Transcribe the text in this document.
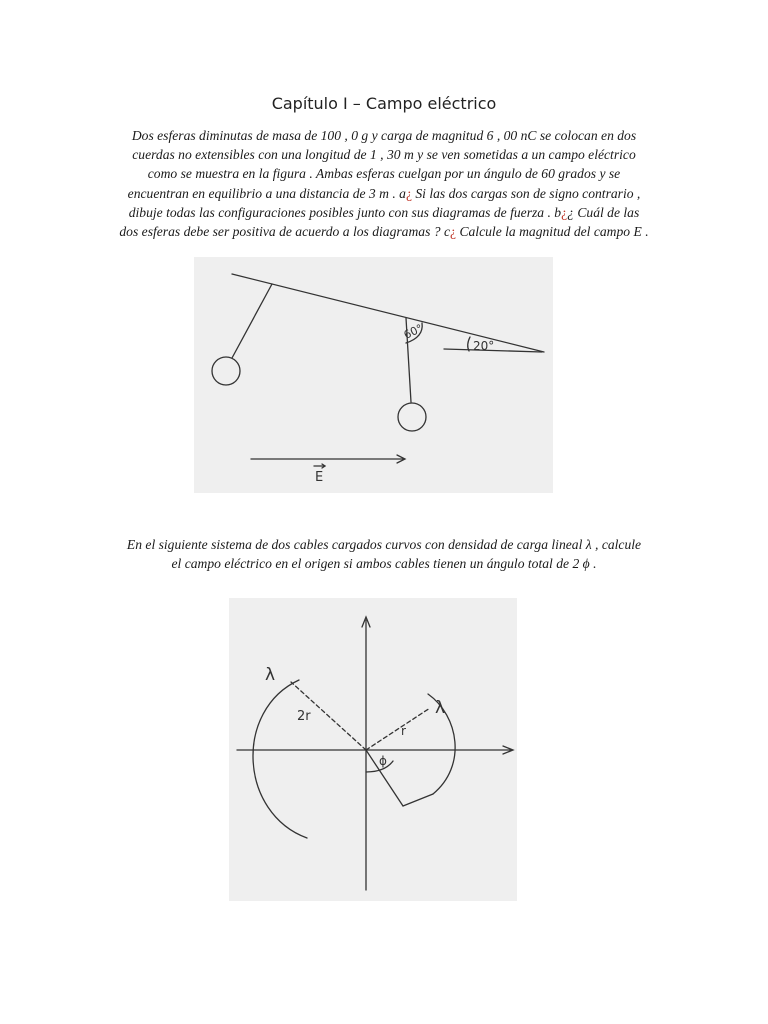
Capítulo I – Campo eléctrico
Dos esferas diminutas de masa de 100 , 0 g y carga de magnitud 6 , 00 nC se colocan en dos
cuerdas no extensibles con una longitud de 1 , 30 m y se ven sometidas a un campo eléctrico
como se muestra en la figura . Ambas esferas cuelgan por un ángulo de 60 grados y se
encuentran en equilibrio a una distancia de 3 m . a¿ Si las dos cargas son de signo contrario ,
dibuje todas las configuraciones posibles junto con sus diagramas de fuerza . b¿¿ Cuál de las
dos esferas debe ser positiva de acuerdo a los diagramas ? c¿ Calcule la magnitud del campo E .
60°
20°
E
En el siguiente sistema de dos cables cargados curvos con densidad de carga lineal λ , calcule
el campo eléctrico en el origen si ambos cables tienen un ángulo total de 2 ϕ .
2r
λ
r
λ
ϕ
